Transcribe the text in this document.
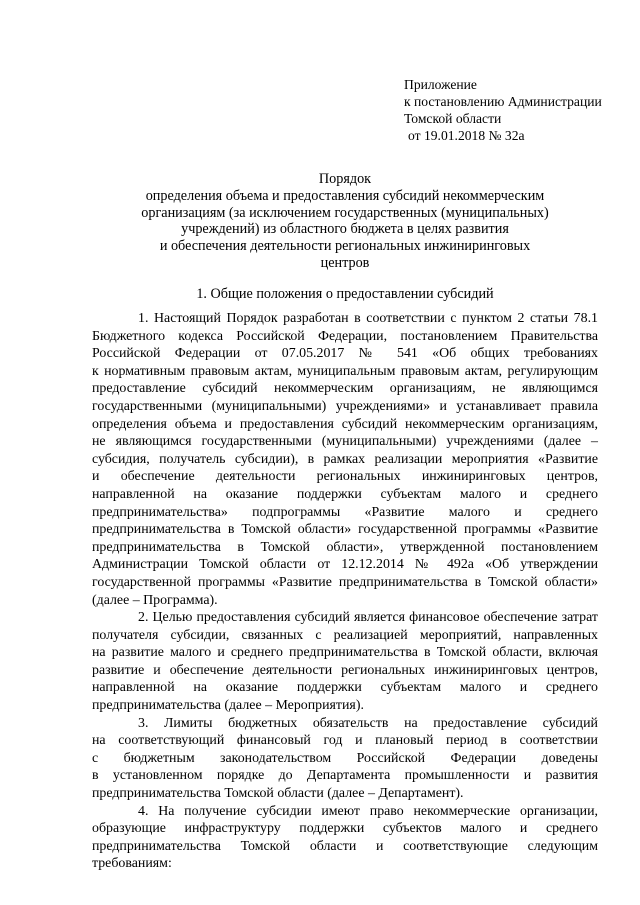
Приложение
к постановлению Администрации
Томской области
от 19.01.2018 № 32а
Порядок
определения объема и предоставления субсидий некоммерческим
организациям (за исключением государственных (муниципальных)
учреждений) из областного бюджета в целях развития
и обеспечения деятельности региональных инжиниринговых
центров
1. Общие положения о предоставлении субсидий
1. Настоящий Порядок разработан в соответствии с пунктом 2 статьи 78.1
Бюджетного кодекса Российской Федерации, постановлением Правительства
Российской Федерации от 07.05.2017 № 541 «Об общих требованиях
к нормативным правовым актам, муниципальным правовым актам, регулирующим
предоставление субсидий некоммерческим организациям, не являющимся
государственными (муниципальными) учреждениями» и устанавливает правила
определения объема и предоставления субсидий некоммерческим организациям,
не являющимся государственными (муниципальными) учреждениями (далее –
субсидия, получатель субсидии), в рамках реализации мероприятия «Развитие
и обеспечение деятельности региональных инжиниринговых центров,
направленной на оказание поддержки субъектам малого и среднего
предпринимательства» подпрограммы «Развитие малого и среднего
предпринимательства в Томской области» государственной программы «Развитие
предпринимательства в Томской области», утвержденной постановлением
Администрации Томской области от 12.12.2014 № 492а «Об утверждении
государственной программы «Развитие предпринимательства в Томской области»
(далее – Программа).
2. Целью предоставления субсидий является финансовое обеспечение затрат
получателя субсидии, связанных с реализацией мероприятий, направленных
на развитие малого и среднего предпринимательства в Томской области, включая
развитие и обеспечение деятельности региональных инжиниринговых центров,
направленной на оказание поддержки субъектам малого и среднего
предпринимательства (далее – Мероприятия).
3. Лимиты бюджетных обязательств на предоставление субсидий
на соответствующий финансовый год и плановый период в соответствии
с бюджетным законодательством Российской Федерации доведены
в установленном порядке до Департамента промышленности и развития
предпринимательства Томской области (далее – Департамент).
4. На получение субсидии имеют право некоммерческие организации,
образующие инфраструктуру поддержки субъектов малого и среднего
предпринимательства Томской области и соответствующие следующим
требованиям:
